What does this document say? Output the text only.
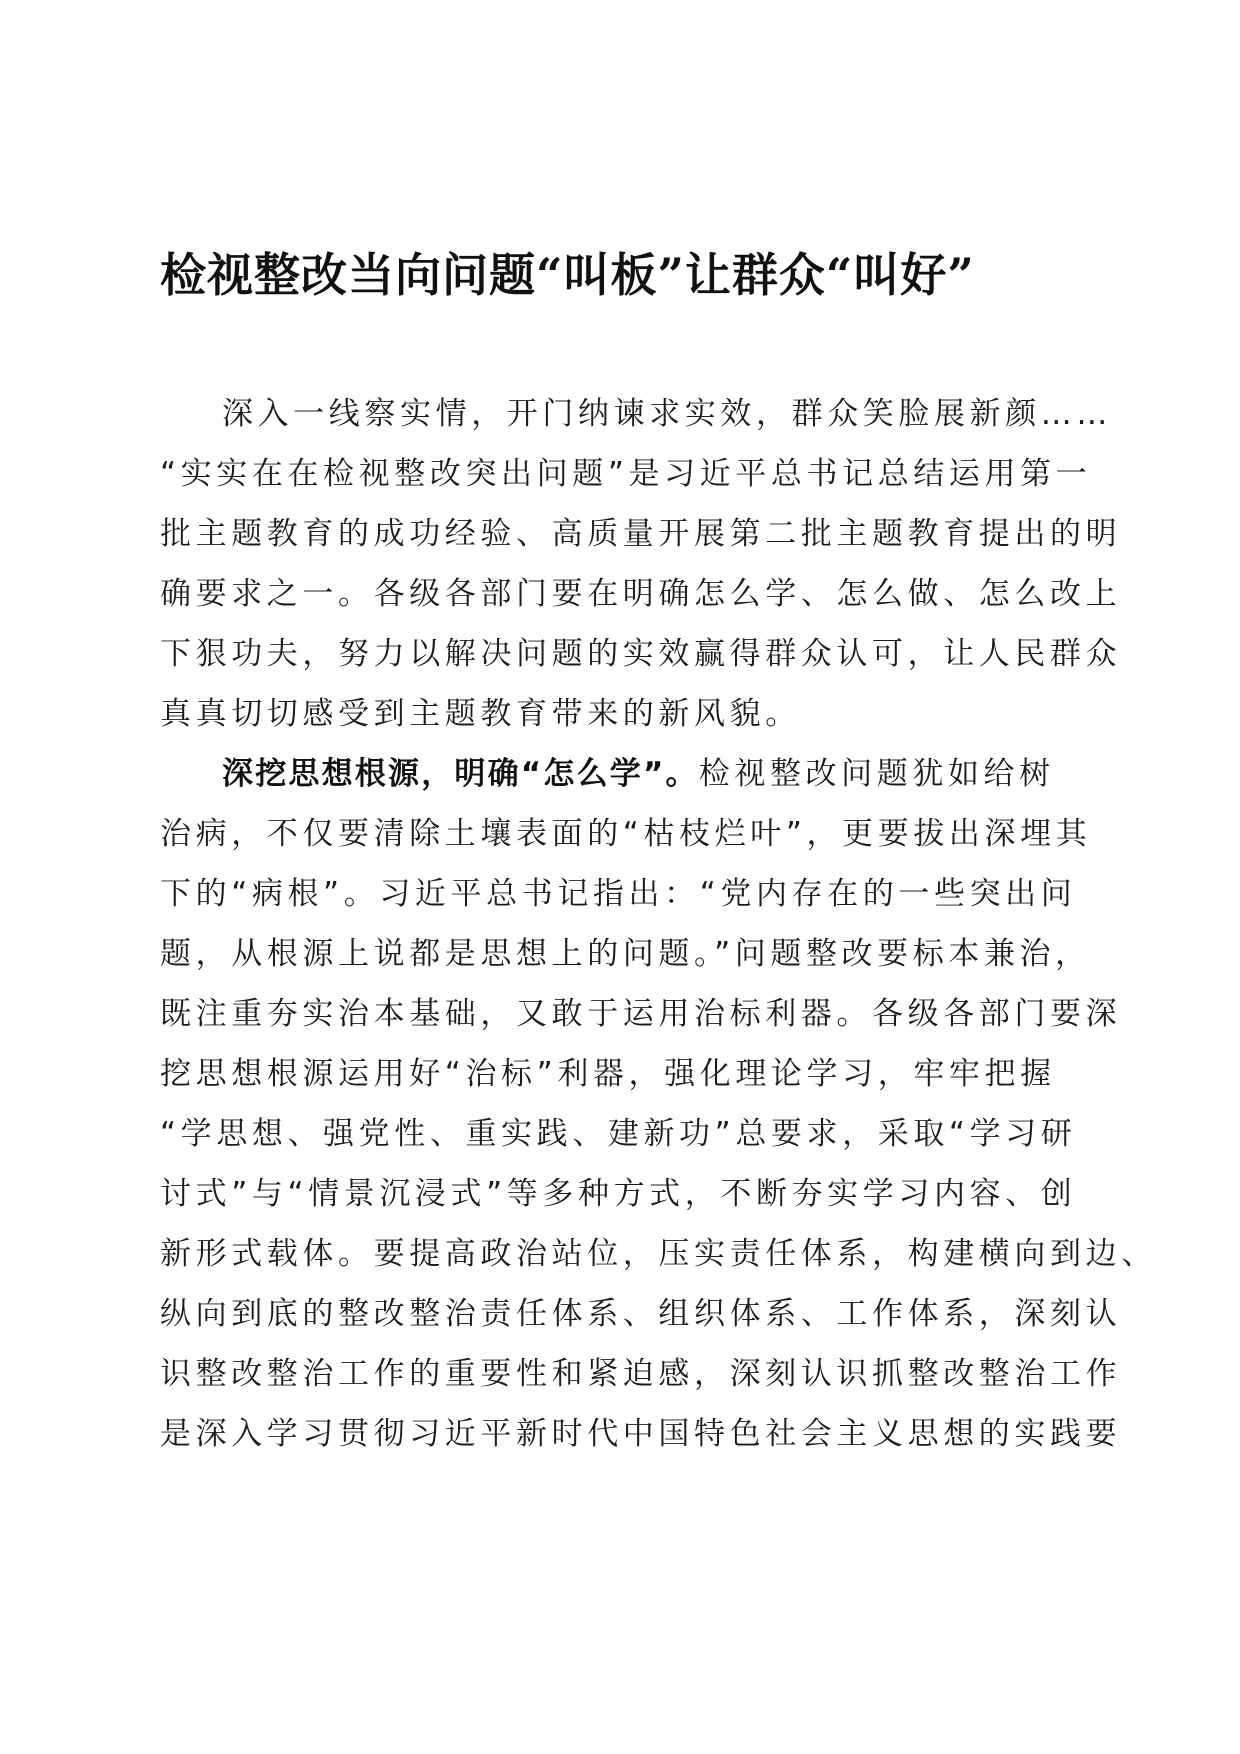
检视整改当向问题“叫板”让群众“叫好”
深入一线察实情，开门纳谏求实效，群众笑脸展新颜……
“实实在在检视整改突出问题”是习近平总书记总结运用第一
批主题教育的成功经验、高质量开展第二批主题教育提出的明
确要求之一。各级各部门要在明确怎么学、怎么做、怎么改上
下狠功夫，努力以解决问题的实效赢得群众认可，让人民群众
真真切切感受到主题教育带来的新风貌。
深挖思想根源，明确“怎么学”。检视整改问题犹如给树
治病，不仅要清除土壤表面的“枯枝烂叶”，更要拔出深埋其
下的“病根”。习近平总书记指出：“党内存在的一些突出问
题，从根源上说都是思想上的问题。”问题整改要标本兼治，
既注重夯实治本基础，又敢于运用治标利器。各级各部门要深
挖思想根源运用好“治标”利器，强化理论学习，牢牢把握
“学思想、强党性、重实践、建新功”总要求，采取“学习研
讨式”与“情景沉浸式”等多种方式，不断夯实学习内容、创
新形式载体。要提高政治站位，压实责任体系，构建横向到边、
纵向到底的整改整治责任体系、组织体系、工作体系，深刻认
识整改整治工作的重要性和紧迫感，深刻认识抓整改整治工作
是深入学习贯彻习近平新时代中国特色社会主义思想的实践要
